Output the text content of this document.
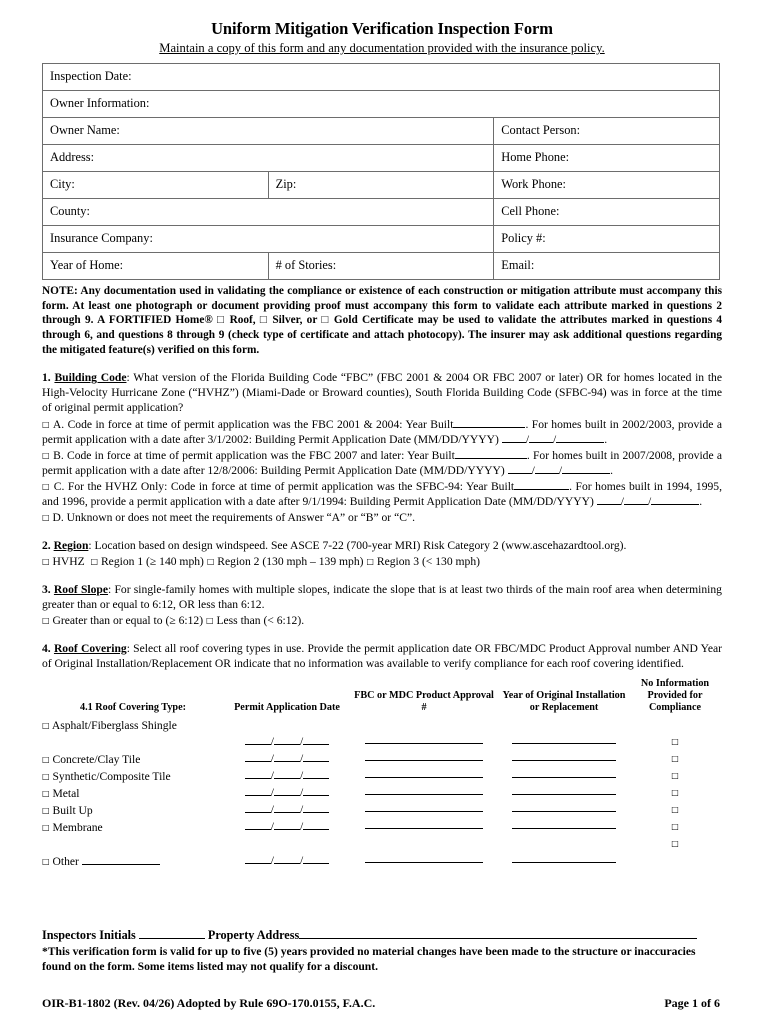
Uniform Mitigation Verification Inspection Form
Maintain a copy of this form and any documentation provided with the insurance policy.
Inspection Date:		
Owner Information:		
Owner Name:		Contact Person:
Address:		Home Phone:
City:	Zip:	Work Phone:
County:		Cell Phone:
Insurance Company:		Policy #:
Year of Home:	# of Stories:	Email:
NOTE: Any documentation used in validating the compliance or existence of each construction or mitigation attribute must accompany this form. At least one photograph or document providing proof must accompany this form to validate each attribute marked in questions 2 through 9. A FORTIFIED Home® □ Roof, □ Silver, or □ Gold Certificate may be used to validate the attributes marked in questions 4 through 6, and questions 8 through 9 (check type of certificate and attach photocopy). The insurer may ask additional questions regarding the mitigated feature(s) verified on this form.
1. Building Code: What version of the Florida Building Code “FBC” (FBC 2001 & 2004 OR FBC 2007 or later) OR for homes located in the High-Velocity Hurricane Zone (“HVHZ”) (Miami-Dade or Broward counties), South Florida Building Code (SFBC-94) was in force at the time of original permit application?
□ A. Code in force at time of permit application was the FBC 2001 & 2004: Year Built	. For homes built in 2002/2003, provide a permit application with a date after 3/1/2002: Building Permit Application Date (MM/DD/YYYY) / /	.
□ B. Code in force at time of permit application was the FBC 2007 and later: Year Built	. For homes built in 2007/2008, provide a permit application with a date after 12/8/2006: Building Permit Application Date (MM/DD/YYYY) / /	.
□ C. For the HVHZ Only: Code in force at time of permit application was the SFBC-94: Year Built	. For homes built in 1994, 1995, and 1996, provide a permit application with a date after 9/1/1994: Building Permit Application Date (MM/DD/YYYY) / /	.
□ D. Unknown or does not meet the requirements of Answer “A” or “B” or “C”.
2. Region: Location based on design windspeed. See ASCE 7-22 (700-year MRI) Risk Category 2 (www.ascehazardtool.org).
□ HVHZ □ Region 1 (≥ 140 mph) □ Region 2 (130 mph – 139 mph) □ Region 3 (< 130 mph)
3. Roof Slope: For single-family homes with multiple slopes, indicate the slope that is at least two thirds of the main roof area when determining greater than or equal to 6:12, OR less than 6:12.
□ Greater than or equal to (≥ 6:12) □ Less than (< 6:12).
4. Roof Covering: Select all roof covering types in use. Provide the permit application date OR FBC/MDC Product Approval number AND Year of Original Installation/Replacement OR indicate that no information was available to verify compliance for each roof covering identified.
4.1 Roof Covering Type:	Permit Application Date	FBC or MDC Product Approval #	Year of Original Installation or Replacement	No Information Provided for Compliance
□ Asphalt/Fiberglass Shingle				
	/ /			□
□ Concrete/Clay Tile	/ /			□
□ Synthetic/Composite Tile	/ /			□
□ Metal	/ /			□
□ Built Up	/ /			□
□ Membrane	/ /			□
				□
□ Other	/ /	

Inspectors Initials	Property Address
*This verification form is valid for up to five (5) years provided no material changes have been made to the structure or inaccuracies found on the form. Some items listed may not qualify for a discount.
OIR-B1-1802 (Rev. 04/26) Adopted by Rule 69O-170.0155, F.A.C.	Page 1 of 6
